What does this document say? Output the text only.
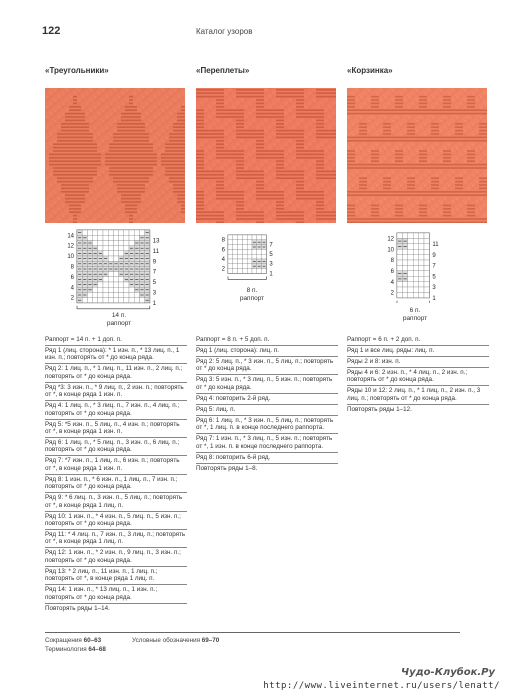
122	Каталог узоров
«Треугольники»
14
12
10
8
6
4
2
13
11
9
7
5
3
1
14 п.
раппорт
Раппорт = 14 п. + 1 доп. п.
Ряд 1 (лиц. сторона): * 1 изн. п., * 13 лиц. п., 1 изн. п.; повторять от * до конца ряда.
Ряд 2: 1 лиц. п., * 1 лиц. п., 11 изн. п., 2 лиц. п.; повторять от * до конца ряда.
Ряд *3: 3 изн. п., * 9 лиц. п., 2 изн. п.; повторять от *, в конце ряда 1 изн. п.
Ряд 4: 1 лиц. п., * 3 лиц. п., 7 изн. п., 4 лиц. п.; повторять от * до конца ряда.
Ряд 5: *5 изн. п., 5 лиц. п., 4 изн. п.; повторять от *, в конце ряда 1 изн. п.
Ряд 6: 1 лиц. п., * 5 лиц. п., 3 изн. п., 6 лиц. п.; повторять от * до конца ряда.
Ряд 7: *7 изн. п., 1 лиц. п., 6 изн. п.; повторять от *, в конце ряда 1 изн. п.
Ряд 8: 1 изн. п., * 6 изн. п., 1 лиц. п., 7 изн. п.; повторять от * до конца ряда.
Ряд 9: * 6 лиц. п., 3 изн. п., 5 лиц. п.; повторять от *, в конце ряда 1 лиц. п.
Ряд 10: 1 изн. п., * 4 изн. п., 5 лиц. п., 5 изн. п.; повторять от * до конца ряда.
Ряд 11: * 4 лиц. п., 7 изн. п., 3 лиц. п.; повторять от *, в конце ряда 1 лиц. п.
Ряд 12: 1 изн. п., * 2 изн. п., 9 лиц. п., 3 изн. п.; повторять от * до конца ряда.
Ряд 13: * 2 лиц. п., 11 изн. п., 1 лиц. п.; повторять от *, в конце ряда 1 лиц. п.
Ряд 14: 1 изн. п., * 13 лиц. п., 1 изн. п.; повторять от * до конца ряда.
Повторять ряды 1–14.
«Переплеты»
8
6
4
2
7
5
3
1
8 п.
раппорт
Раппорт = 8 п. + 5 доп. п.
Ряд 1 (лиц. сторона): лиц. п.
Ряд 2: 5 лиц. п., * 3 изн. п., 5 лиц. п.; повторять от * до конца ряда.
Ряд 3: 5 изн. п., * 3 лиц. п., 5 изн. п.; повторять от * до конца ряда.
Ряд 4: повторить 2-й ряд.
Ряд 5: лиц. п.
Ряд 6: 1 лиц. п., * 3 изн. п., 5 лиц. п.; повторять от *, 1 лиц. п. в конце последнего раппорта.
Ряд 7: 1 изн. п., * 3 лиц. п., 5 изн. п.; повторять от *, 1 изн. п. в конце последнего раппорта.
Ряд 8: повторить 6-й ряд.
Повторять ряды 1–8.
«Корзинка»
12
10
8
6
4
2
11
9
7
5
3
1
6 п.
раппорт
Раппорт = 6 п. + 2 доп. п.
Ряд 1 и все лиц. ряды: лиц. п.
Ряды 2 и 8: изн. п.
Ряды 4 и 6: 2 изн. п., * 4 лиц. п., 2 изн. п.; повторять от * до конца ряда.
Ряды 10 и 12: 2 лиц. п., * 1 лиц. п., 2 изн. п., 3 лиц. п.; повторять от * до конца ряда.
Повторять ряды 1–12.
Сокращения 60–63	Условные обозначения 69–70
Терминология 64–68
Чудо-Клубок.Ру
http://www.liveinternet.ru/users/lenatt/
